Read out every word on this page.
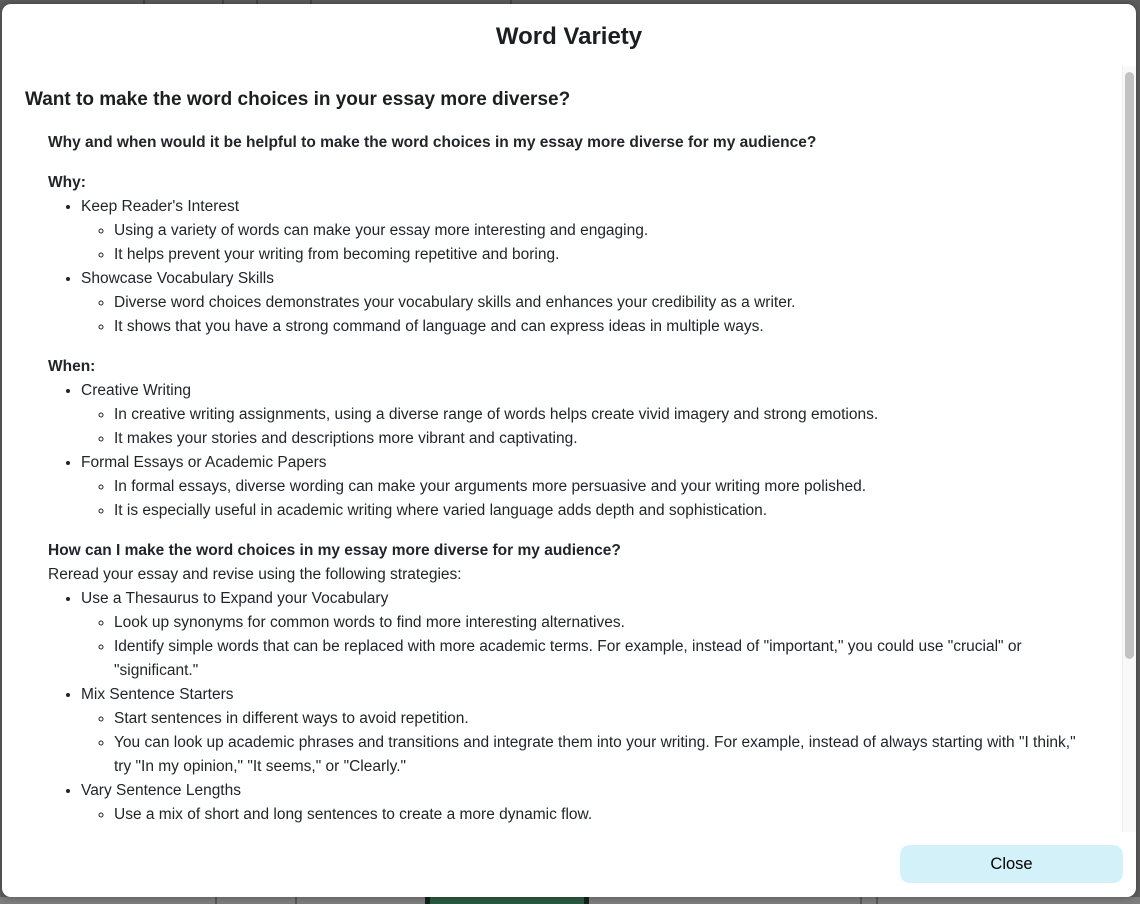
Word Variety
Want to make the word choices in your essay more diverse?

Why and when would it be helpful to make the word choices in my essay more diverse for my audience?

Why:

• Keep Reader's Interest
◦ Using a variety of words can make your essay more interesting and engaging.
◦ It helps prevent your writing from becoming repetitive and boring.
• Showcase Vocabulary Skills
◦ Diverse word choices demonstrates your vocabulary skills and enhances your credibility as a writer.
◦ It shows that you have a strong command of language and can express ideas in multiple ways.

When:

• Creative Writing
◦ In creative writing assignments, using a diverse range of words helps create vivid imagery and strong emotions.
◦ It makes your stories and descriptions more vibrant and captivating.
• Formal Essays or Academic Papers
◦ In formal essays, diverse wording can make your arguments more persuasive and your writing more polished.
◦ It is especially useful in academic writing where varied language adds depth and sophistication.

How can I make the word choices in my essay more diverse for my audience?

Reread your essay and revise using the following strategies:

• Use a Thesaurus to Expand your Vocabulary
◦ Look up synonyms for common words to find more interesting alternatives.
◦ Identify simple words that can be replaced with more academic terms. For example, instead of "important," you could use "crucial" or "significant."
• Mix Sentence Starters
◦ Start sentences in different ways to avoid repetition.
◦ You can look up academic phrases and transitions and integrate them into your writing. For example, instead of always starting with "I think," try "In my opinion," "It seems," or "Clearly."
• Vary Sentence Lengths
◦ Use a mix of short and long sentences to create a more dynamic flow.
Close
